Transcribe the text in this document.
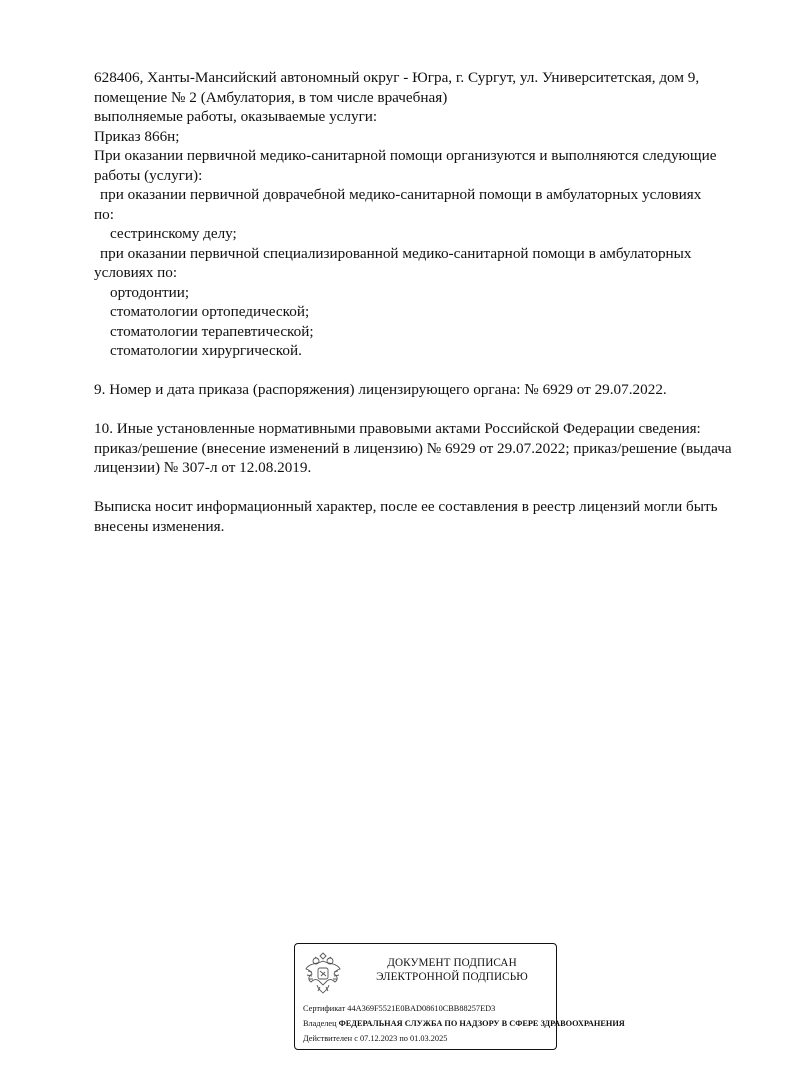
628406, Ханты-Мансийский автономный округ - Югра, г. Сургут, ул. Университетская, дом 9,

помещение № 2 (Амбулатория, в том числе врачебная)

выполняемые работы, оказываемые услуги:

Приказ 866н;

При оказании первичной медико-санитарной помощи организуются и выполняются следующие

работы (услуги):

при оказании первичной доврачебной медико-санитарной помощи в амбулаторных условиях

по:

сестринскому делу;

при оказании первичной специализированной медико-санитарной помощи в амбулаторных

условиях по:

ортодонтии;

стоматологии ортопедической;

стоматологии терапевтической;

стоматологии хирургической.

9. Номер и дата приказа (распоряжения) лицензирующего органа: № 6929 от 29.07.2022.

10. Иные установленные нормативными правовыми актами Российской Федерации сведения:

приказ/решение (внесение изменений в лицензию) № 6929 от 29.07.2022; приказ/решение (выдача

лицензии) № 307-л от 12.08.2019.

Выписка носит информационный характер, после ее составления в реестр лицензий могли быть

внесены изменения.

ДОКУМЕНТ ПОДПИСАН
ЭЛЕКТРОННОЙ ПОДПИСЬЮ
Сертификат 44A369F5521E0BAD08610CBB88257ED3
Владелец ФЕДЕРАЛЬНАЯ СЛУЖБА ПО НАДЗОРУ В СФЕРЕ ЗДРАВООХРАНЕНИЯ
Действителен с 07.12.2023 по 01.03.2025
